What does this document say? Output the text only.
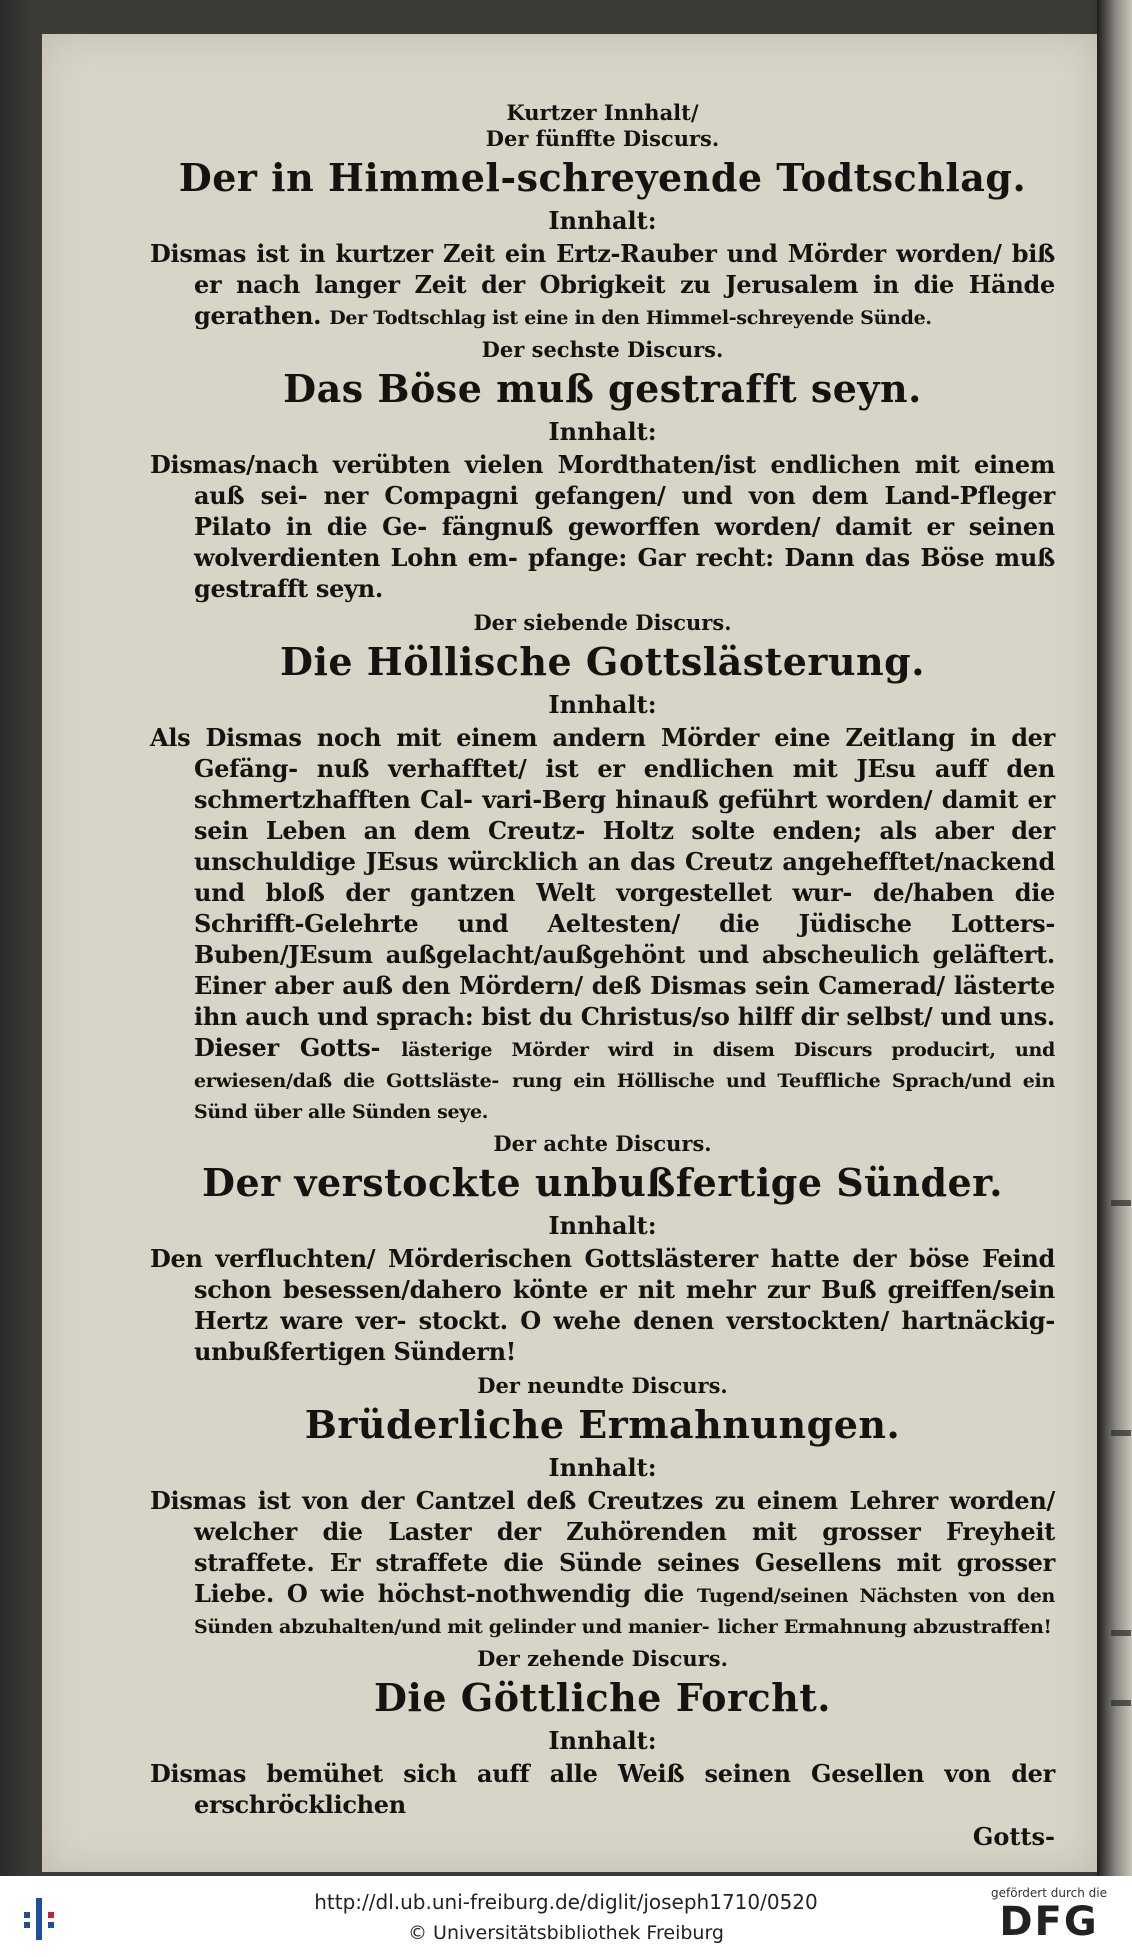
Kurtzer Innhalt/
Der fünffte Discurs.
Der in Himmel-schreyende Todtschlag.
Innhalt:
Dismas ist in kurtzer Zeit ein Ertz-Rauber und Mörder worden/ biß er nach langer Zeit der Obrigkeit zu Jerusalem in die Hände gerathen. Der Todtschlag ist eine in den Himmel-schreyende Sünde.
Der sechste Discurs.
Das Böse muß gestrafft seyn.
Innhalt:
Dismas/nach verübten vielen Mordthaten/ist endlichen mit einem auß sei- ner Compagni gefangen/ und von dem Land-Pfleger Pilato in die Ge- fängnuß geworffen worden/ damit er seinen wolverdienten Lohn em- pfange: Gar recht: Dann das Böse muß gestrafft seyn.
Der siebende Discurs.
Die Höllische Gottslästerung.
Innhalt:
Als Dismas noch mit einem andern Mörder eine Zeitlang in der Gefäng- nuß verhafftet/ ist er endlichen mit JEsu auff den schmertzhafften Cal- vari-Berg hinauß geführt worden/ damit er sein Leben an dem Creutz- Holtz solte enden; als aber der unschuldige JEsus würcklich an das Creutz angehefftet/nackend und bloß der gantzen Welt vorgestellet wur- de/haben die Schrifft-Gelehrte und Aeltesten/ die Jüdische Lotters- Buben/JEsum außgelacht/außgehönt und abscheulich geläftert. Einer aber auß den Mördern/ deß Dismas sein Camerad/ lästerte ihn auch und sprach: bist du Christus/so hilff dir selbst/ und uns. Dieser Gotts- lästerige Mörder wird in disem Discurs producirt, und erwiesen/daß die Gottsläste- rung ein Höllische und Teuffliche Sprach/und ein Sünd über alle Sünden seye.
Der achte Discurs.
Der verstockte unbußfertige Sünder.
Innhalt:
Den verfluchten/ Mörderischen Gottslästerer hatte der böse Feind schon besessen/dahero könte er nit mehr zur Buß greiffen/sein Hertz ware ver- stockt. O wehe denen verstockten/ hartnäckig-unbußfertigen Sündern!
Der neundte Discurs.
Brüderliche Ermahnungen.
Innhalt:
Dismas ist von der Cantzel deß Creutzes zu einem Lehrer worden/ welcher die Laster der Zuhörenden mit grosser Freyheit straffete. Er straffete die Sünde seines Gesellens mit grosser Liebe. O wie höchst-nothwendig die Tugend/seinen Nächsten von den Sünden abzuhalten/und mit gelinder und manier- licher Ermahnung abzustraffen!
Der zehende Discurs.
Die Göttliche Forcht.
Innhalt:
Dismas bemühet sich auff alle Weiß seinen Gesellen von der erschröcklichen
Gotts-
http://dl.ub.uni-freiburg.de/diglit/joseph1710/0520
© Universitätsbibliothek Freiburg
gefördert durch die
DFG
